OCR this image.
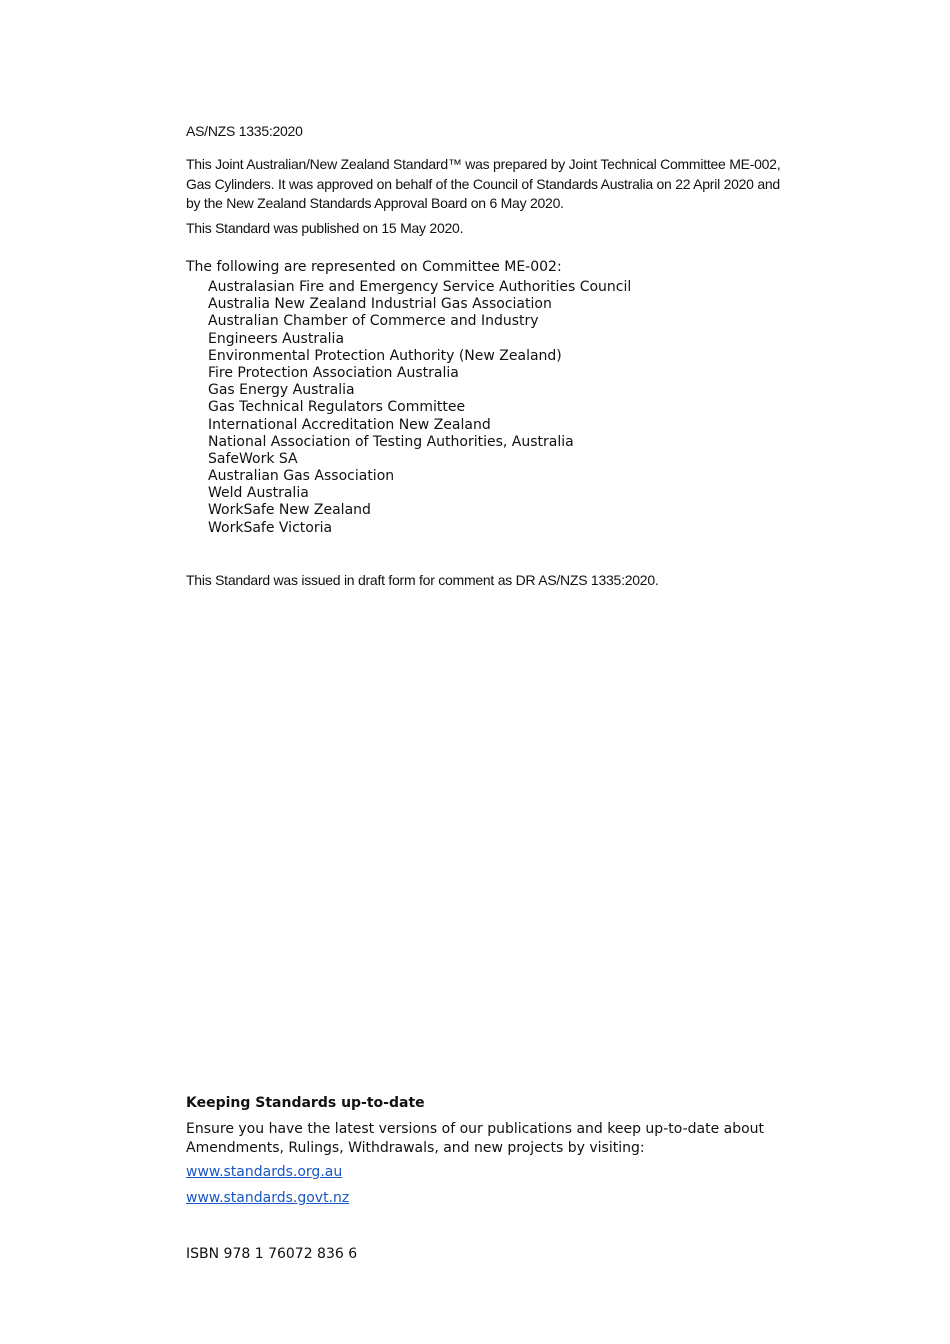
AS/NZS 1335:2020

This Joint Australian/New Zealand Standard™ was prepared by Joint Technical Committee ME-002, Gas Cylinders. It was approved on behalf of the Council of Standards Australia on 22 April 2020 and by the New Zealand Standards Approval Board on 6 May 2020.

This Standard was published on 15 May 2020.

The following are represented on Committee ME-002:

Australasian Fire and Emergency Service Authorities Council
Australia New Zealand Industrial Gas Association
Australian Chamber of Commerce and Industry
Engineers Australia
Environmental Protection Authority (New Zealand)
Fire Protection Association Australia
Gas Energy Australia
Gas Technical Regulators Committee
International Accreditation New Zealand
National Association of Testing Authorities, Australia
SafeWork SA
Australian Gas Association
Weld Australia
WorkSafe New Zealand
WorkSafe Victoria

This Standard was issued in draft form for comment as DR AS/NZS 1335:2020.

Keeping Standards up-to-date

Ensure you have the latest versions of our publications and keep up-to-date about Amendments, Rulings, Withdrawals, and new projects by visiting:

www.standards.org.au
www.standards.govt.nz

ISBN 978 1 76072 836 6
